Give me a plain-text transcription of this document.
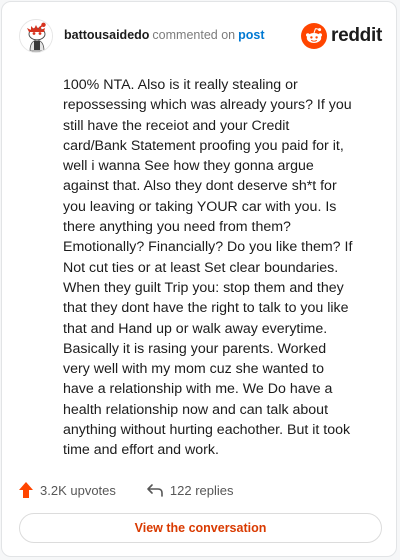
battousaidedo commented on post	reddit
100% NTA. Also is it really stealing or repossessing which was already yours? If you still have the receiot and your Credit card/Bank Statement proofing you paid for it, well i wanna See how they gonna argue against that. Also they dont deserve sh*t for you leaving or taking YOUR car with you. Is there anything you need from them? Emotionally? Financially? Do you like them? If Not cut ties or at least Set clear boundaries. When they guilt Trip you: stop them and they that they dont have the right to talk to you like that and Hand up or walk away everytime. Basically it is rasing your parents. Worked very well with my mom cuz she wanted to have a relationship with me. We Do have a health relationship now and can talk about anything without hurting eachother. But it took time and effort and work.
3.2K upvotes	122 replies
View the conversation
